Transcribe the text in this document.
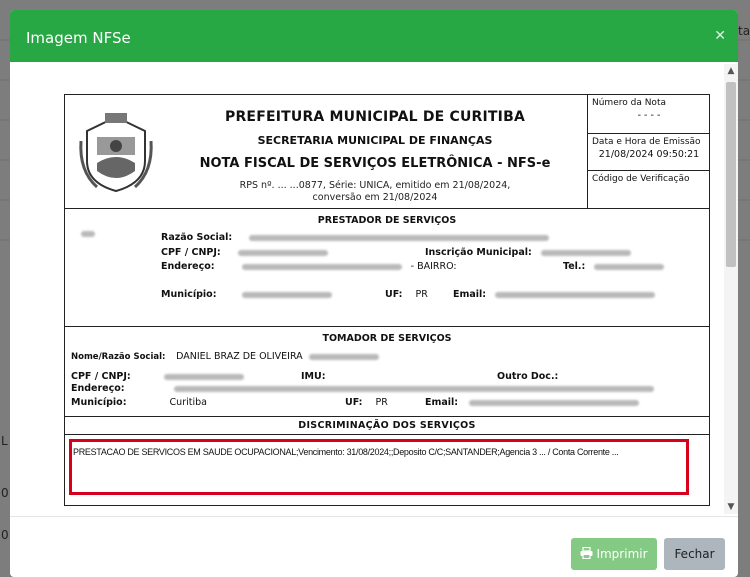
Imagem NFSe	✕
▲
▼
PREFEITURA MUNICIPAL DE CURITIBA
SECRETARIA MUNICIPAL DE FINANÇAS
NOTA FISCAL DE SERVIÇOS ELETRÔNICA - NFS-e
RPS nº. ... ...0877, Série: UNICA, emitido em 21/08/2024,
conversão em 21/08/2024
Número da Nota
- - - -
Data e Hora de Emissão
21/08/2024 09:50:21
Código de Verificação
PRESTADOR DE SERVIÇOS
Razão Social:
CPF / CNPJ:	Inscrição Municipal:
Endereço:	- BAIRRO:	Tel.:
Município:	UF: PR	Email:
TOMADOR DE SERVIÇOS
Nome/Razão Social: DANIEL BRAZ DE OLIVEIRA
CPF / CNPJ:	IMU:	Outro Doc.:
Endereço:
Município:	Curitiba	UF: PR	Email:
DISCRIMINAÇÃO DOS SERVIÇOS
PRESTACAO DE SERVICOS EM SAUDE OCUPACIONAL;Vencimento: 31/08/2024;;Deposito C/C;SANTANDER;Agencia 3 ... / Conta Corrente ...
Imprimir	Fechar
